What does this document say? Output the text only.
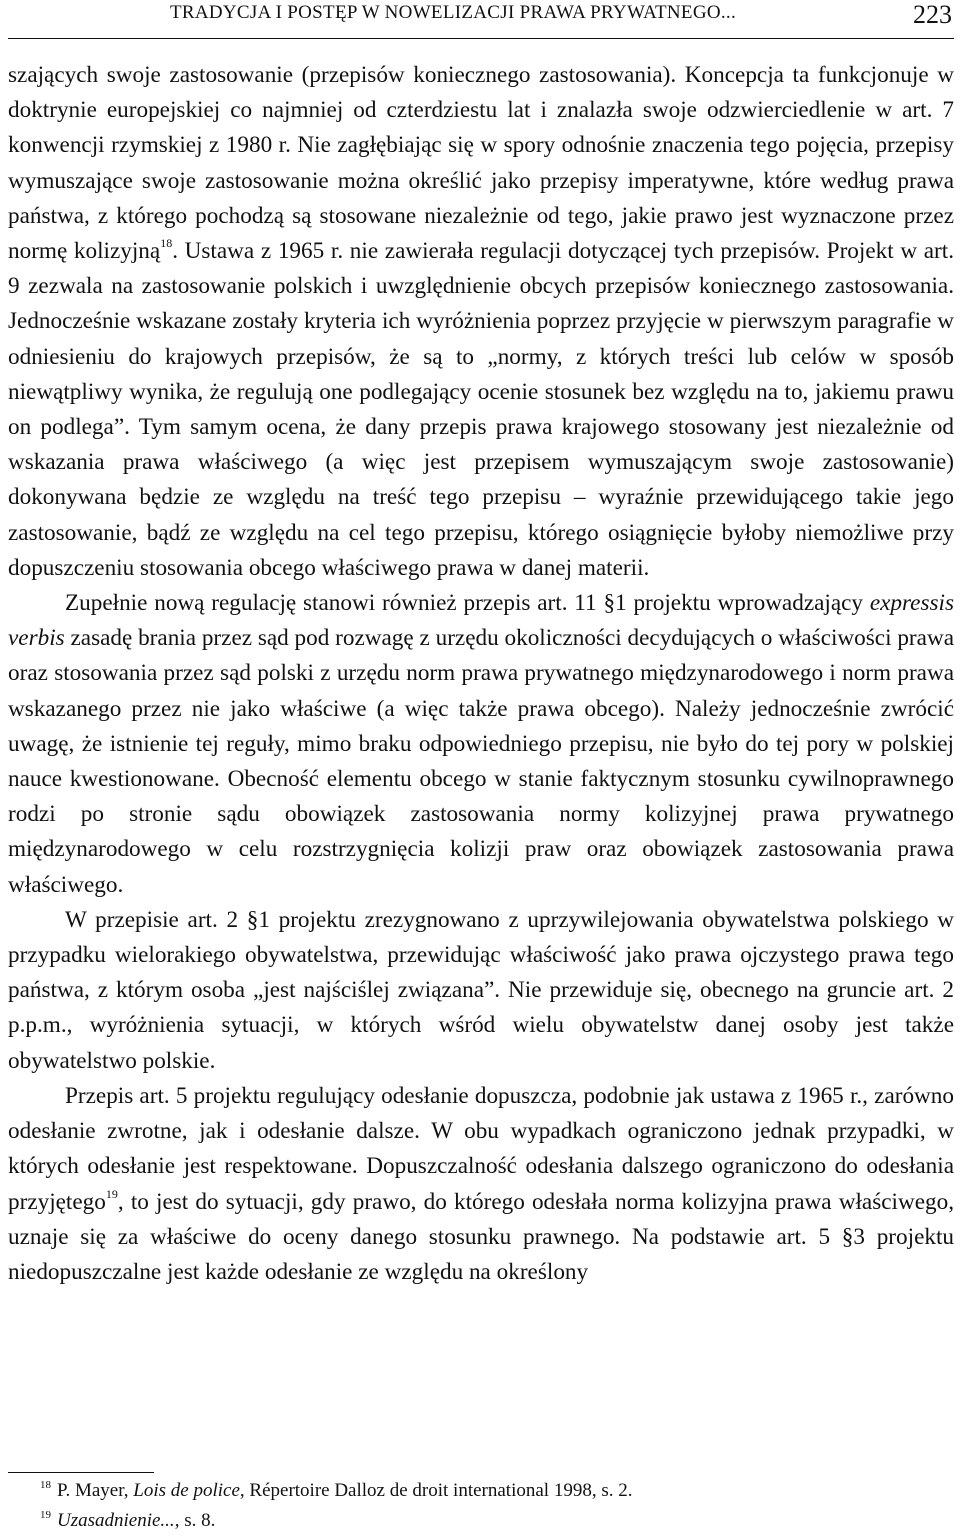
TRADYCJA I POSTĘP W NOWELIZACJI PRAWA PRYWATNEGO...	223

szających swoje zastosowanie (przepisów koniecznego zastosowania). Koncepcja ta funkcjonuje w doktrynie europejskiej co najmniej od czterdziestu lat i znalazła swoje odzwierciedlenie w art. 7 konwencji rzymskiej z 1980 r. Nie zagłębiając się w spory odnośnie znaczenia tego pojęcia, przepisy wymuszające swoje zastosowanie można określić jako przepisy imperatywne, które według prawa państwa, z którego pochodzą są stosowane niezależnie od tego, jakie prawo jest wyznaczone przez normę kolizyjną$^{18}$. Ustawa z 1965 r. nie zawierała regulacji dotyczącej tych przepisów. Projekt w art. 9 zezwala na zastosowanie polskich i uwzględnienie obcych przepisów koniecznego zastosowania. Jednocześnie wskazane zostały kryteria ich wyróżnienia poprzez przyjęcie w pierwszym paragrafie w odniesieniu do krajowych przepisów, że są to „normy, z których treści lub celów w sposób niewątpliwy wynika, że regulują one podlegający ocenie stosunek bez względu na to, jakiemu prawu on podlega”. Tym samym ocena, że dany przepis prawa krajowego stosowany jest niezależnie od wskazania prawa właściwego (a więc jest przepisem wymuszającym swoje zastosowanie) dokonywana będzie ze względu na treść tego przepisu – wyraźnie przewidującego takie jego zastosowanie, bądź ze względu na cel tego przepisu, którego osiągnięcie byłoby niemożliwe przy dopuszczeniu stosowania obcego właściwego prawa w danej materii.

Zupełnie nową regulację stanowi również przepis art. 11 §1 projektu wprowadzający expressis verbis zasadę brania przez sąd pod rozwagę z urzędu okoliczności decydujących o właściwości prawa oraz stosowania przez sąd polski z urzędu norm prawa prywatnego międzynarodowego i norm prawa wskazanego przez nie jako właściwe (a więc także prawa obcego). Należy jednocześnie zwrócić uwagę, że istnienie tej reguły, mimo braku odpowiedniego przepisu, nie było do tej pory w polskiej nauce kwestionowane. Obecność elementu obcego w stanie faktycznym stosunku cywilnoprawnego rodzi po stronie sądu obowiązek zastosowania normy kolizyjnej prawa prywatnego międzynarodowego w celu rozstrzygnięcia kolizji praw oraz obowiązek zastosowania prawa właściwego.

W przepisie art. 2 §1 projektu zrezygnowano z uprzywilejowania obywatelstwa polskiego w przypadku wielorakiego obywatelstwa, przewidując właściwość jako prawa ojczystego prawa tego państwa, z którym osoba „jest najściślej związana”. Nie przewiduje się, obecnego na gruncie art. 2 p.p.m., wyróżnienia sytuacji, w których wśród wielu obywatelstw danej osoby jest także obywatelstwo polskie.

Przepis art. 5 projektu regulujący odesłanie dopuszcza, podobnie jak ustawa z 1965 r., zarówno odesłanie zwrotne, jak i odesłanie dalsze. W obu wypadkach ograniczono jednak przypadki, w których odesłanie jest respektowane. Dopuszczalność odesłania dalszego ograniczono do odesłania przyjętego$^{19}$, to jest do sytuacji, gdy prawo, do którego odesłała norma kolizyjna prawa właściwego, uznaje się za właściwe do oceny danego stosunku prawnego. Na podstawie art. 5 §3 projektu niedopuszczalne jest każde odesłanie ze względu na określony

$^{18}$ P. Mayer, Lois de police, Répertoire Dalloz de droit international 1998, s. 2.

$^{19}$ Uzasadnienie..., s. 8.
